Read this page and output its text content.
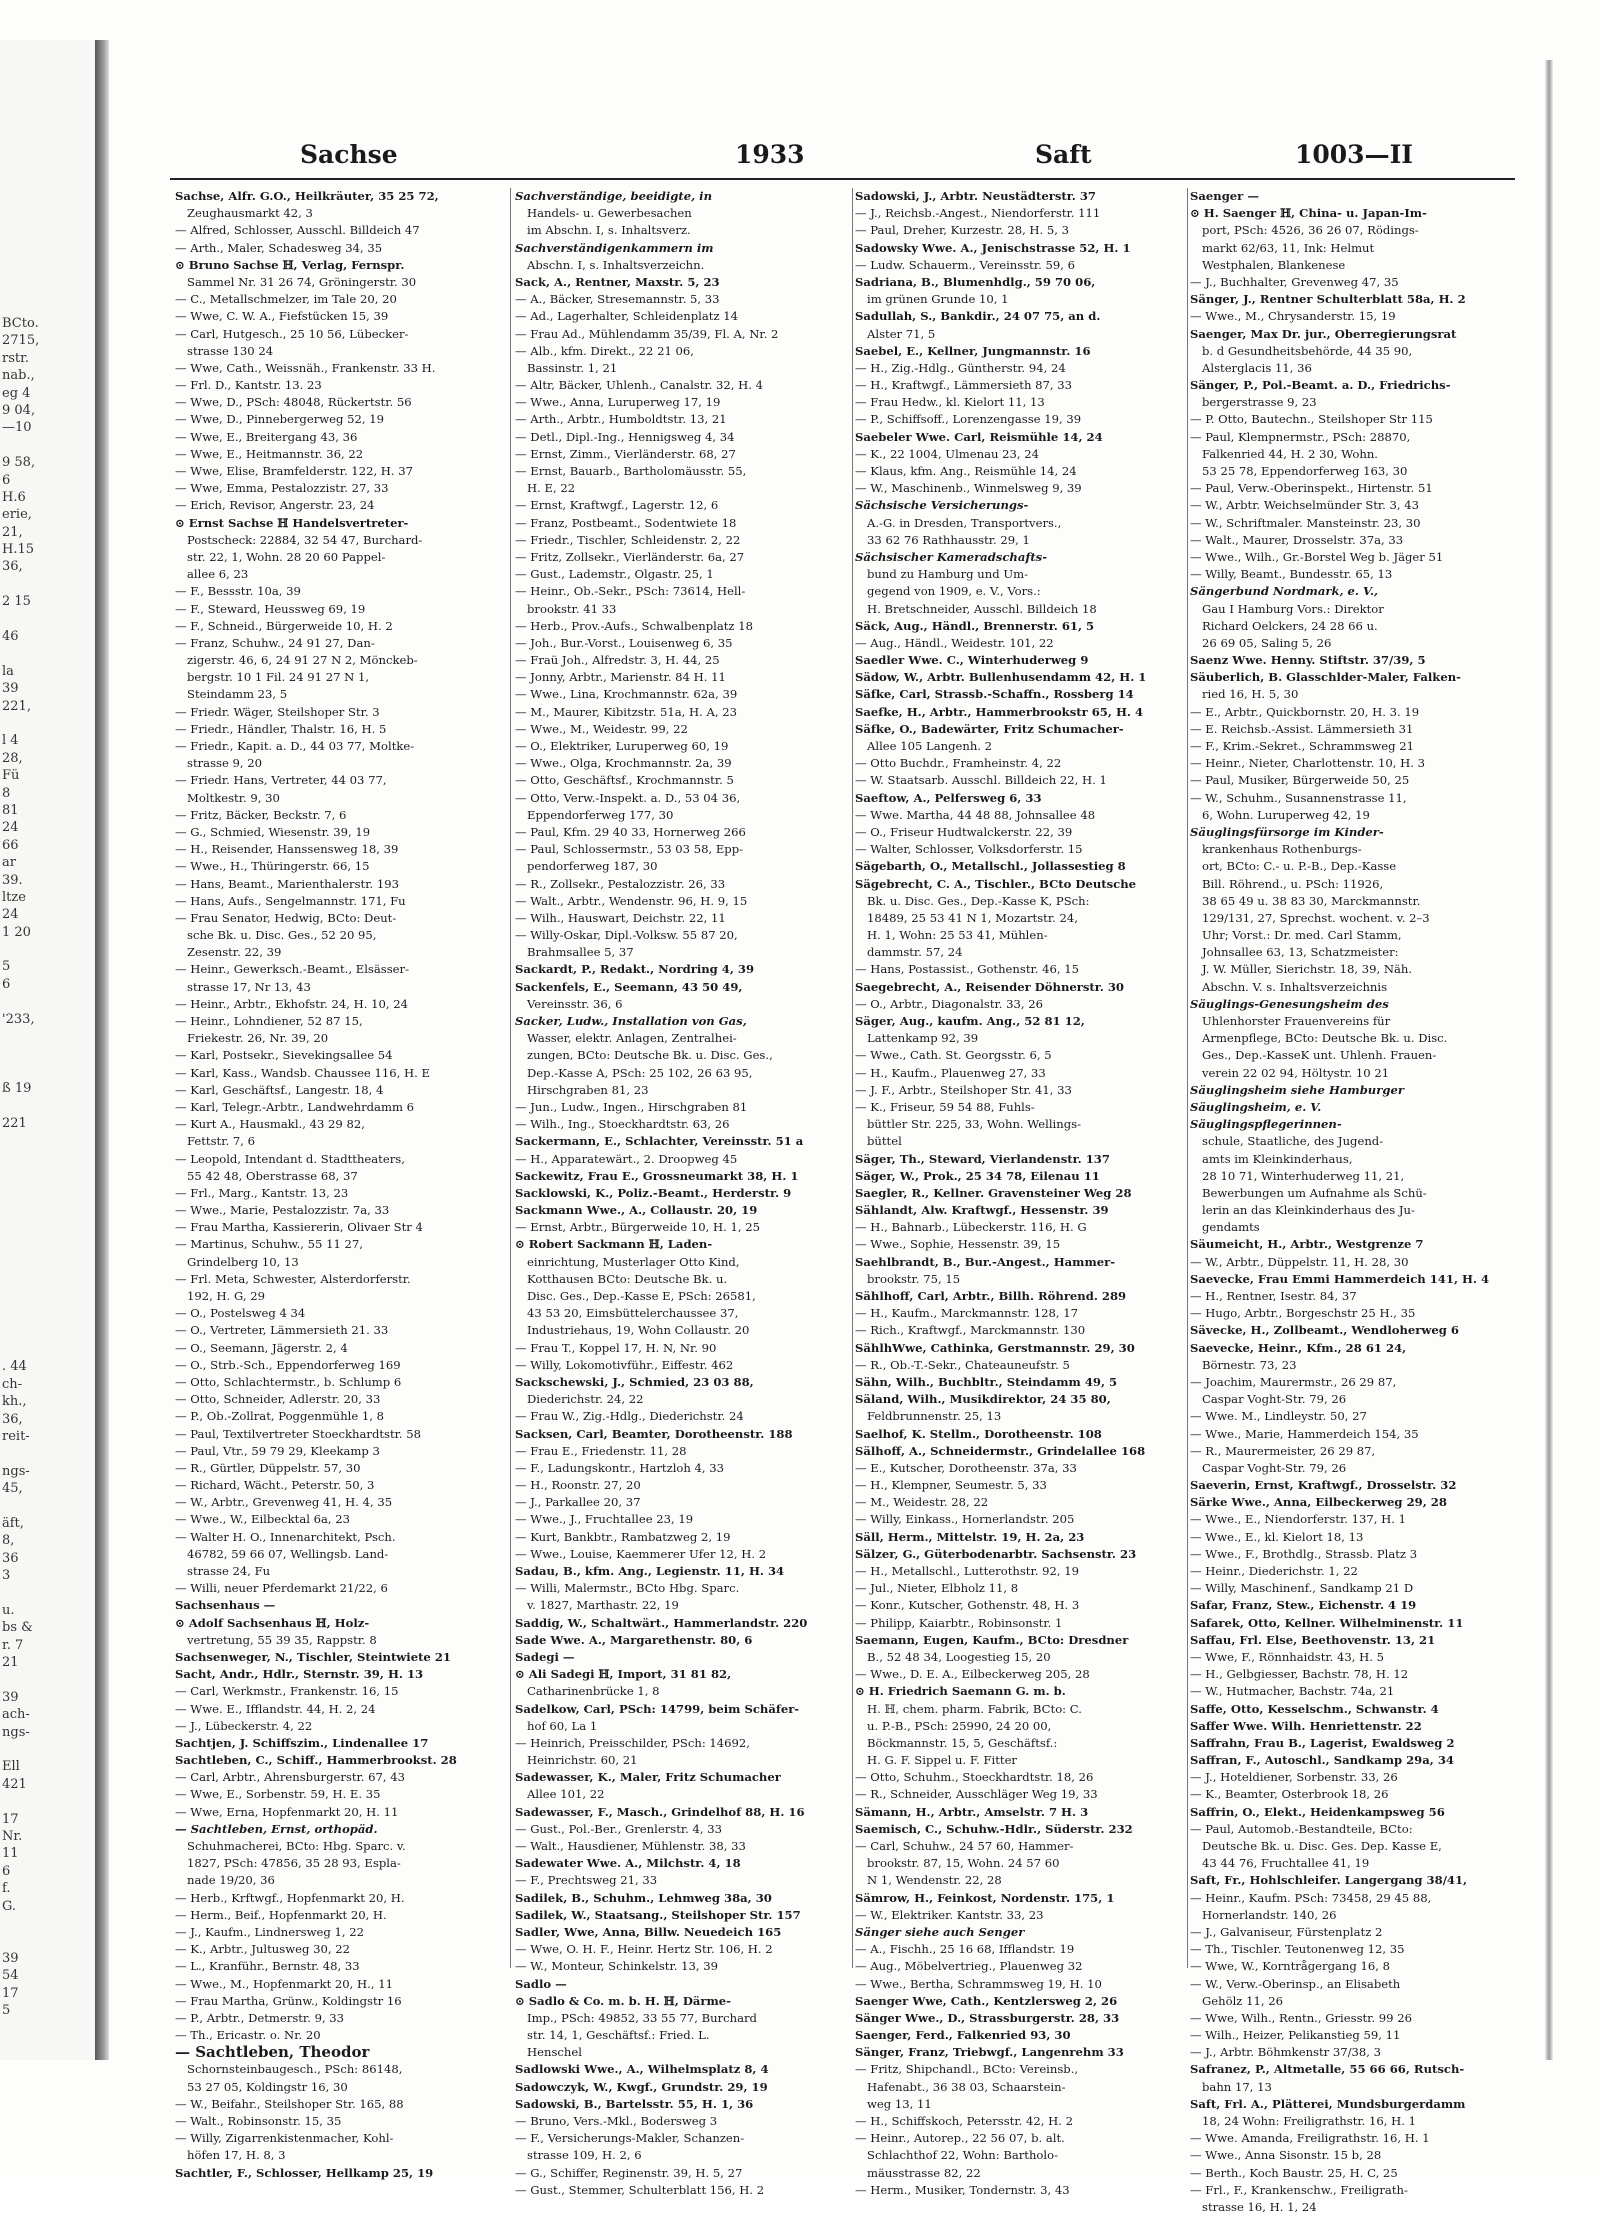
BCto.
2715,
rstr.
nab.,
eg 4
9 04,
—10
9 58,
6
H.6
erie,
21,
H.15
36,
2 15
46
la
39
221,
l 4
28,
Fü
8
81
24
66
ar
39.
ltze
24
1 20
5
6
'233,
ß 19
221
. 44
ch-
kh.,
36,
reit-
ngs-
45,
äft,
8,
36
3
u.
bs &
r. 7
21
39
ach-
ngs-
Ell
421
17
Nr.
11
6
f.
G.
39
54
17
5
Sachse	1933	Saft	1003—II
Sachse, Alfr. G.O., Heilkräuter, 35 25 72,
Zeughausmarkt 42, 3
— Alfred, Schlosser, Ausschl. Billdeich 47
— Arth., Maler, Schadesweg 34, 35
⊙ Bruno Sachse ℍ, Verlag, Fernspr.
Sammel Nr. 31 26 74, Gröningerstr. 30
— C., Metallschmelzer, im Tale 20, 20
— Wwe, C. W. A., Fiefstücken 15, 39
— Carl, Hutgesch., 25 10 56, Lübecker-
strasse 130 24
— Wwe, Cath., Weissnäh., Frankenstr. 33 H.
— Frl. D., Kantstr. 13. 23
— Wwe, D., PSch: 48048, Rückertstr. 56
— Wwe, D., Pinnebergerweg 52, 19
— Wwe, E., Breitergang 43, 36
— Wwe, E., Heitmannstr. 36, 22
— Wwe, Elise, Bramfelderstr. 122, H. 37
— Wwe, Emma, Pestalozzistr. 27, 33
— Erich, Revisor, Angerstr. 23, 24
⊙ Ernst Sachse ℍ Handelsvertreter-
Postscheck: 22884, 32 54 47, Burchard-
str. 22, 1, Wohn. 28 20 60 Pappel-
allee 6, 23
— F., Bessstr. 10a, 39
— F., Steward, Heussweg 69, 19
— F., Schneid., Bürgerweide 10, H. 2
— Franz, Schuhw., 24 91 27, Dan-
zigerstr. 46, 6, 24 91 27 N 2, Mönckeb-
bergstr. 10 1 Fil. 24 91 27 N 1,
Steindamm 23, 5
— Friedr. Wäger, Steilshoper Str. 3
— Friedr., Händler, Thalstr. 16, H. 5
— Friedr., Kapit. a. D., 44 03 77, Moltke-
strasse 9, 20
— Friedr. Hans, Vertreter, 44 03 77,
Moltkestr. 9, 30
— Fritz, Bäcker, Beckstr. 7, 6
— G., Schmied, Wiesenstr. 39, 19
— H., Reisender, Hanssensweg 18, 39
— Wwe., H., Thüringerstr. 66, 15
— Hans, Beamt., Marienthalerstr. 193
— Hans, Aufs., Sengelmannstr. 171, Fu
— Frau Senator, Hedwig, BCto: Deut-
sche Bk. u. Disc. Ges., 52 20 95,
Zesenstr. 22, 39
— Heinr., Gewerksch.-Beamt., Elsässer-
strasse 17, Nr 13, 43
— Heinr., Arbtr., Ekhofstr. 24, H. 10, 24
— Heinr., Lohndiener, 52 87 15,
Friekestr. 26, Nr. 39, 20
— Karl, Postsekr., Sievekingsallee 54
— Karl, Kass., Wandsb. Chaussee 116, H. E
— Karl, Geschäftsf., Langestr. 18, 4
— Karl, Telegr.-Arbtr., Landwehrdamm 6
— Kurt A., Hausmakl., 43 29 82,
Fettstr. 7, 6
— Leopold, Intendant d. Stadttheaters,
55 42 48, Oberstrasse 68, 37
— Frl., Marg., Kantstr. 13, 23
— Wwe., Marie, Pestalozzistr. 7a, 33
— Frau Martha, Kassiererin, Olivaer Str 4
— Martinus, Schuhw., 55 11 27,
Grindelberg 10, 13
— Frl. Meta, Schwester, Alsterdorferstr.
192, H. G, 29
— O., Postelsweg 4 34
— O., Vertreter, Lämmersieth 21. 33
— O., Seemann, Jägerstr. 2, 4
— O., Strb.-Sch., Eppendorferweg 169
— Otto, Schlachtermstr., b. Schlump 6
— Otto, Schneider, Adlerstr. 20, 33
— P., Ob.-Zollrat, Poggenmühle 1, 8
— Paul, Textilvertreter Stoeckhardtstr. 58
— Paul, Vtr., 59 79 29, Kleekamp 3
— R., Gürtler, Düppelstr. 57, 30
— Richard, Wächt., Peterstr. 50, 3
— W., Arbtr., Grevenweg 41, H. 4, 35
— Wwe., W., Eilbecktal 6a, 23
— Walter H. O., Innenarchitekt, Psch.
46782, 59 66 07, Wellingsb. Land-
strasse 24, Fu
— Willi, neuer Pferdemarkt 21/22, 6
Sachsenhaus —
⊙ Adolf Sachsenhaus ℍ, Holz-
vertretung, 55 39 35, Rappstr. 8
Sachsenweger, N., Tischler, Steintwiete 21
Sacht, Andr., Hdlr., Sternstr. 39, H. 13
— Carl, Werkmstr., Frankenstr. 16, 15
— Wwe. E., Ifflandstr. 44, H. 2, 24
— J., Lübeckerstr. 4, 22
Sachtjen, J. Schiffszim., Lindenallee 17
Sachtleben, C., Schiff., Hammerbrookst. 28
— Carl, Arbtr., Ahrensburgerstr. 67, 43
— Wwe, E., Sorbenstr. 59, H. E. 35
— Wwe, Erna, Hopfenmarkt 20, H. 11
— Sachtleben, Ernst, orthopäd.
Schuhmacherei, BCto: Hbg. Sparc. v.
1827, PSch: 47856, 35 28 93, Espla-
nade 19/20, 36
— Herb., Krftwgf., Hopfenmarkt 20, H.
— Herm., Beif., Hopfenmarkt 20, H.
— J., Kaufm., Lindnersweg 1, 22
— K., Arbtr., Jultusweg 30, 22
— L., Kranführ., Bernstr. 48, 33
— Wwe., M., Hopfenmarkt 20, H., 11
— Frau Martha, Grünw., Koldingstr 16
— P., Arbtr., Detmerstr. 9, 33
— Th., Ericastr. o. Nr. 20
— Sachtleben, Theodor
Schornsteinbaugesch., PSch: 86148,
53 27 05, Koldingstr 16, 30
— W., Beifahr., Steilshoper Str. 165, 88
— Walt., Robinsonstr. 15, 35
— Willy, Zigarrenkistenmacher, Kohl-
höfen 17, H. 8, 3
Sachtler, F., Schlosser, Hellkamp 25, 19
Sachverständige, beeidigte, in
Handels- u. Gewerbesachen
im Abschn. I, s. Inhaltsverz.
Sachverständigenkammern im
Abschn. I, s. Inhaltsverzeichn.
Sack, A., Rentner, Maxstr. 5, 23
— A., Bäcker, Stresemannstr. 5, 33
— Ad., Lagerhalter, Schleidenplatz 14
— Frau Ad., Mühlendamm 35/39, Fl. A, Nr. 2
— Alb., kfm. Direkt., 22 21 06,
Bassinstr. 1, 21
— Altr, Bäcker, Uhlenh., Canalstr. 32, H. 4
— Wwe., Anna, Luruperweg 17, 19
— Arth., Arbtr., Humboldtstr. 13, 21
— Detl., Dipl.-Ing., Hennigsweg 4, 34
— Ernst, Zimm., Vierländerstr. 68, 27
— Ernst, Bauarb., Bartholomäusstr. 55,
H. E, 22
— Ernst, Kraftwgf., Lagerstr. 12, 6
— Franz, Postbeamt., Sodentwiete 18
— Friedr., Tischler, Schleidenstr. 2, 22
— Fritz, Zollsekr., Vierländerstr. 6a, 27
— Gust., Lademstr., Olgastr. 25, 1
— Heinr., Ob.-Sekr., PSch: 73614, Hell-
brookstr. 41 33
— Herb., Prov.-Aufs., Schwalbenplatz 18
— Joh., Bur.-Vorst., Louisenweg 6, 35
— Fraü Joh., Alfredstr. 3, H. 44, 25
— Jonny, Arbtr., Marienstr. 84 H. 11
— Wwe., Lina, Krochmannstr. 62a, 39
— M., Maurer, Kibitzstr. 51a, H. A, 23
— Wwe., M., Weidestr. 99, 22
— O., Elektriker, Luruperweg 60, 19
— Wwe., Olga, Krochmannstr. 2a, 39
— Otto, Geschäftsf., Krochmannstr. 5
— Otto, Verw.-Inspekt. a. D., 53 04 36,
Eppendorferweg 177, 30
— Paul, Kfm. 29 40 33, Hornerweg 266
— Paul, Schlossermstr., 53 03 58, Epp-
pendorferweg 187, 30
— R., Zollsekr., Pestalozzistr. 26, 33
— Walt., Arbtr., Wendenstr. 96, H. 9, 15
— Wilh., Hauswart, Deichstr. 22, 11
— Willy-Oskar, Dipl.-Volksw. 55 87 20,
Brahmsallee 5, 37
Sackardt, P., Redakt., Nordring 4, 39
Sackenfels, E., Seemann, 43 50 49,
Vereinsstr. 36, 6
Sacker, Ludw., Installation von Gas,
Wasser, elektr. Anlagen, Zentralhei-
zungen, BCto: Deutsche Bk. u. Disc. Ges.,
Dep.-Kasse A, PSch: 25 102, 26 63 95,
Hirschgraben 81, 23
— Jun., Ludw., Ingen., Hirschgraben 81
— Wilh., Ing., Stoeckhardtstr. 63, 26
Sackermann, E., Schlachter, Vereinsstr. 51 a
— H., Apparatewärt., 2. Droopweg 45
Sackewitz, Frau E., Grossneumarkt 38, H. 1
Sacklowski, K., Poliz.-Beamt., Herderstr. 9
Sackmann Wwe., A., Collaustr. 20, 19
— Ernst, Arbtr., Bürgerweide 10, H. 1, 25
⊙ Robert Sackmann ℍ, Laden-
einrichtung, Musterlager Otto Kind,
Kotthausen BCto: Deutsche Bk. u.
Disc. Ges., Dep.-Kasse E, PSch: 26581,
43 53 20, Eimsbüttelerchaussee 37,
Industriehaus, 19, Wohn Collaustr. 20
— Frau T., Koppel 17, H. N, Nr. 90
— Willy, Lokomotivführ., Eiffestr. 462
Sackschewski, J., Schmied, 23 03 88,
Diederichstr. 24, 22
— Frau W., Zig.-Hdlg., Diederichstr. 24
Sacksen, Carl, Beamter, Dorotheenstr. 188
— Frau E., Friedenstr. 11, 28
— F., Ladungskontr., Hartzloh 4, 33
— H., Roonstr. 27, 20
— J., Parkallee 20, 37
— Wwe., J., Fruchtallee 23, 19
— Kurt, Bankbtr., Rambatzweg 2, 19
— Wwe., Louise, Kaemmerer Ufer 12, H. 2
Sadau, B., kfm. Ang., Legienstr. 11, H. 34
— Willi, Malermstr., BCto Hbg. Sparc.
v. 1827, Marthastr. 22, 19
Saddig, W., Schaltwärt., Hammerlandstr. 220
Sade Wwe. A., Margarethenstr. 80, 6
Sadegi —
⊙ Ali Sadegi ℍ, Import, 31 81 82,
Catharinenbrücke 1, 8
Sadelkow, Carl, PSch: 14799, beim Schäfer-
hof 60, La 1
— Heinrich, Preisschilder, PSch: 14692,
Heinrichstr. 60, 21
Sadewasser, K., Maler, Fritz Schumacher
Allee 101, 22
Sadewasser, F., Masch., Grindelhof 88, H. 16
— Gust., Pol.-Ber., Grenlerstr. 4, 33
— Walt., Hausdiener, Mühlenstr. 38, 33
Sadewater Wwe. A., Milchstr. 4, 18
— F., Prechtsweg 21, 33
Sadilek, B., Schuhm., Lehmweg 38a, 30
Sadilek, W., Staatsang., Steilshoper Str. 157
Sadler, Wwe, Anna, Billw. Neuedeich 165
— Wwe, O. H. F., Heinr. Hertz Str. 106, H. 2
— W., Monteur, Schinkelstr. 13, 39
Sadlo —
⊙ Sadlo & Co. m. b. H. ℍ, Därme-
Imp., PSch: 49852, 33 55 77, Burchard
str. 14, 1, Geschäftsf.: Fried. L.
Henschel
Sadlowski Wwe., A., Wilhelmsplatz 8, 4
Sadowczyk, W., Kwgf., Grundstr. 29, 19
Sadowski, B., Bartelsstr. 55, H. 1, 36
— Bruno, Vers.-Mkl., Bodersweg 3
— F., Versicherungs-Makler, Schanzen-
strasse 109, H. 2, 6
— G., Schiffer, Reginenstr. 39, H. 5, 27
— Gust., Stemmer, Schulterblatt 156, H. 2
Sadowski, J., Arbtr. Neustädterstr. 37
— J., Reichsb.-Angest., Niendorferstr. 111
— Paul, Dreher, Kurzestr. 28, H. 5, 3
Sadowsky Wwe. A., Jenischstrasse 52, H. 1
— Ludw. Schauerm., Vereinsstr. 59, 6
Sadriana, B., Blumenhdlg., 59 70 06,
im grünen Grunde 10, 1
Sadullah, S., Bankdir., 24 07 75, an d.
Alster 71, 5
Saebel, E., Kellner, Jungmannstr. 16
— H., Zig.-Hdlg., Güntherstr. 94, 24
— H., Kraftwgf., Lämmersieth 87, 33
— Frau Hedw., kl. Kielort 11, 13
— P., Schiffsoff., Lorenzengasse 19, 39
Saebeler Wwe. Carl, Reismühle 14, 24
— K., 22 1004, Ulmenau 23, 24
— Klaus, kfm. Ang., Reismühle 14, 24
— W., Maschinenb., Winmelsweg 9, 39
Sächsische Versicherungs-
A.-G. in Dresden, Transportvers.,
33 62 76 Rathhausstr. 29, 1
Sächsischer Kameradschafts-
bund zu Hamburg und Um-
gegend von 1909, e. V., Vors.:
H. Bretschneider, Ausschl. Billdeich 18
Säck, Aug., Händl., Brennerstr. 61, 5
— Aug., Händl., Weidestr. 101, 22
Saedler Wwe. C., Winterhuderweg 9
Sädow, W., Arbtr. Bullenhusendamm 42, H. 1
Säfke, Carl, Strassb.-Schaffn., Rossberg 14
Saefke, H., Arbtr., Hammerbrookstr 65, H. 4
Säfke, O., Badewärter, Fritz Schumacher-
Allee 105 Langenh. 2
— Otto Buchdr., Framheinstr. 4, 22
— W. Staatsarb. Ausschl. Billdeich 22, H. 1
Saeftow, A., Pelfersweg 6, 33
— Wwe. Martha, 44 48 88, Johnsallee 48
— O., Friseur Hudtwalckerstr. 22, 39
— Walter, Schlosser, Volksdorferstr. 15
Sägebarth, O., Metallschl., Jollassestieg 8
Sägebrecht, C. A., Tischler., BCto Deutsche
Bk. u. Disc. Ges., Dep.-Kasse K, PSch:
18489, 25 53 41 N 1, Mozartstr. 24,
H. 1, Wohn: 25 53 41, Mühlen-
dammstr. 57, 24
— Hans, Postassist., Gothenstr. 46, 15
Saegebrecht, A., Reisender Döhnerstr. 30
— O., Arbtr., Diagonalstr. 33, 26
Säger, Aug., kaufm. Ang., 52 81 12,
Lattenkamp 92, 39
— Wwe., Cath. St. Georgsstr. 6, 5
— H., Kaufm., Plauenweg 27, 33
— J. F., Arbtr., Steilshoper Str. 41, 33
— K., Friseur, 59 54 88, Fuhls-
büttler Str. 225, 33, Wohn. Wellings-
büttel
Säger, Th., Steward, Vierlandenstr. 137
Säger, W., Prok., 25 34 78, Eilenau 11
Saegler, R., Kellner. Gravensteiner Weg 28
Sählandt, Alw. Kraftwgf., Hessenstr. 39
— H., Bahnarb., Lübeckerstr. 116, H. G
— Wwe., Sophie, Hessenstr. 39, 15
Saehlbrandt, B., Bur.-Angest., Hammer-
brookstr. 75, 15
Sählhoff, Carl, Arbtr., Billh. Röhrend. 289
— H., Kaufm., Marckmannstr. 128, 17
— Rich., Kraftwgf., Marckmannstr. 130
SählhWwe, Cathinka, Gerstmannstr. 29, 30
— R., Ob.-T.-Sekr., Chateauneufstr. 5
Sähn, Wilh., Buchbltr., Steindamm 49, 5
Säland, Wilh., Musikdirektor, 24 35 80,
Feldbrunnenstr. 25, 13
Saelhof, K. Stellm., Dorotheenstr. 108
Sälhoff, A., Schneidermstr., Grindelallee 168
— E., Kutscher, Dorotheenstr. 37a, 33
— H., Klempner, Seumestr. 5, 33
— M., Weidestr. 28, 22
— Willy, Einkass., Hornerlandstr. 205
Säll, Herm., Mittelstr. 19, H. 2a, 23
Sälzer, G., Güterbodenarbtr. Sachsenstr. 23
— H., Metallschl., Lutterothstr. 92, 19
— Jul., Nieter, Elbholz 11, 8
— Konr., Kutscher, Gothenstr. 48, H. 3
— Philipp, Kaiarbtr., Robinsonstr. 1
Saemann, Eugen, Kaufm., BCto: Dresdner
B., 52 48 34, Loogestieg 15, 20
— Wwe., D. E. A., Eilbeckerweg 205, 28
⊙ H. Friedrich Saemann G. m. b.
H. ℍ, chem. pharm. Fabrik, BCto: C.
u. P.-B., PSch: 25990, 24 20 00,
Böckmannstr. 15, 5, Geschäftsf.:
H. G. F. Sippel u. F. Fitter
— Otto, Schuhm., Stoeckhardtstr. 18, 26
— R., Schneider, Ausschläger Weg 19, 33
Sämann, H., Arbtr., Amselstr. 7 H. 3
Saemisch, C., Schuhw.-Hdlr., Süderstr. 232
— Carl, Schuhw., 24 57 60, Hammer-
brookstr. 87, 15, Wohn. 24 57 60
N 1, Wendenstr. 22, 28
Sämrow, H., Feinkost, Nordenstr. 175, 1
— W., Elektriker. Kantstr. 33, 23
Sänger siehe auch Senger
— A., Fischh., 25 16 68, Ifflandstr. 19
— Aug., Möbelvertrieg., Plauenweg 32
— Wwe., Bertha, Schrammsweg 19, H. 10
Saenger Wwe, Cath., Kentzlersweg 2, 26
Sänger Wwe., D., Strassburgerstr. 28, 33
Saenger, Ferd., Falkenried 93, 30
Sänger, Franz, Triebwgf., Langenrehm 33
— Fritz, Shipchandl., BCto: Vereinsb.,
Hafenabt., 36 38 03, Schaarstein-
weg 13, 11
— H., Schiffskoch, Petersstr. 42, H. 2
— Heinr., Autorep., 22 56 07, b. alt.
Schlachthof 22, Wohn: Bartholo-
mäusstrasse 82, 22
— Herm., Musiker, Tondernstr. 3, 43
Saenger —
⊙ H. Saenger ℍ, China- u. Japan-Im-
port, PSch: 4526, 36 26 07, Rödings-
markt 62/63, 11, Ink: Helmut
Westphalen, Blankenese
— J., Buchhalter, Grevenweg 47, 35
Sänger, J., Rentner Schulterblatt 58a, H. 2
— Wwe., M., Chrysanderstr. 15, 19
Saenger, Max Dr. jur., Oberregierungsrat
b. d Gesundheitsbehörde, 44 35 90,
Alsterglacis 11, 36
Sänger, P., Pol.-Beamt. a. D., Friedrichs-
bergerstrasse 9, 23
— P. Otto, Bautechn., Steilshoper Str 115
— Paul, Klempnermstr., PSch: 28870,
Falkenried 44, H. 2 30, Wohn.
53 25 78, Eppendorferweg 163, 30
— Paul, Verw.-Oberinspekt., Hirtenstr. 51
— W., Arbtr. Weichselmünder Str. 3, 43
— W., Schriftmaler. Mansteinstr. 23, 30
— Walt., Maurer, Drosselstr. 37a, 33
— Wwe., Wilh., Gr.-Borstel Weg b. Jäger 51
— Willy, Beamt., Bundesstr. 65, 13
Sängerbund Nordmark, e. V.,
Gau I Hamburg Vors.: Direktor
Richard Oelckers, 24 28 66 u.
26 69 05, Saling 5, 26
Saenz Wwe. Henny. Stiftstr. 37/39, 5
Säuberlich, B. Glasschlder-Maler, Falken-
ried 16, H. 5, 30
— E., Arbtr., Quickbornstr. 20, H. 3. 19
— E. Reichsb.-Assist. Lämmersieth 31
— F., Krim.-Sekret., Schrammsweg 21
— Heinr., Nieter, Charlottenstr. 10, H. 3
— Paul, Musiker, Bürgerweide 50, 25
— W., Schuhm., Susannenstrasse 11,
6, Wohn. Luruperweg 42, 19
Säuglingsfürsorge im Kinder-
krankenhaus Rothenburgs-
ort, BCto: C.- u. P.-B., Dep.-Kasse
Bill. Röhrend., u. PSch: 11926,
38 65 49 u. 38 83 30, Marckmannstr.
129/131, 27, Sprechst. wochent. v. 2–3
Uhr; Vorst.: Dr. med. Carl Stamm,
Johnsallee 63, 13, Schatzmeister:
J. W. Müller, Sierichstr. 18, 39, Näh.
Abschn. V. s. Inhaltsverzeichnis
Säuglings-Genesungsheim des
Uhlenhorster Frauenvereins für
Armenpflege, BCto: Deutsche Bk. u. Disc.
Ges., Dep.-KasseK unt. Uhlenh. Frauen-
verein 22 02 94, Höltystr. 10 21
Säuglingsheim siehe Hamburger
Säuglingsheim, e. V.
Säuglingspflegerinnen-
schule, Staatliche, des Jugend-
amts im Kleinkinderhaus,
28 10 71, Winterhuderweg 11, 21,
Bewerbungen um Aufnahme als Schü-
lerin an das Kleinkinderhaus des Ju-
gendamts
Säumeicht, H., Arbtr., Westgrenze 7
— W., Arbtr., Düppelstr. 11, H. 28, 30
Saevecke, Frau Emmi Hammerdeich 141, H. 4
— H., Rentner, Isestr. 84, 37
— Hugo, Arbtr., Borgeschstr 25 H., 35
Sävecke, H., Zollbeamt., Wendloherweg 6
Saevecke, Heinr., Kfm., 28 61 24,
Börnestr. 73, 23
— Joachim, Maurermstr., 26 29 87,
Caspar Voght-Str. 79, 26
— Wwe. M., Lindleystr. 50, 27
— Wwe., Marie, Hammerdeich 154, 35
— R., Maurermeister, 26 29 87,
Caspar Voght-Str. 79, 26
Saeverin, Ernst, Kraftwgf., Drosselstr. 32
Särke Wwe., Anna, Eilbeckerweg 29, 28
— Wwe., E., Niendorferstr. 137, H. 1
— Wwe., E., kl. Kielort 18, 13
— Wwe., F., Brothdlg., Strassb. Platz 3
— Heinr., Diederichstr. 1, 22
— Willy, Maschinenf., Sandkamp 21 D
Safar, Franz, Stew., Eichenstr. 4 19
Safarek, Otto, Kellner. Wilhelminenstr. 11
Saffau, Frl. Else, Beethovenstr. 13, 21
— Wwe, F., Rönnhaidstr. 43, H. 5
— H., Gelbgiesser, Bachstr. 78, H. 12
— W., Hutmacher, Bachstr. 74a, 21
Saffe, Otto, Kesselschm., Schwanstr. 4
Saffer Wwe. Wilh. Henriettenstr. 22
Saffrahn, Frau B., Lagerist, Ewaldsweg 2
Saffran, F., Autoschl., Sandkamp 29a, 34
— J., Hoteldiener, Sorbenstr. 33, 26
— K., Beamter, Osterbrook 18, 26
Saffrin, O., Elekt., Heidenkampsweg 56
— Paul, Automob.-Bestandteile, BCto:
Deutsche Bk. u. Disc. Ges. Dep. Kasse E,
43 44 76, Fruchtallee 41, 19
Saft, Fr., Hohlschleifer. Langergang 38/41,
— Heinr., Kaufm. PSch: 73458, 29 45 88,
Hornerlandstr. 140, 26
— J., Galvaniseur, Fürstenplatz 2
— Th., Tischler. Teutonenweg 12, 35
— Wwe, W., Korntrågergang 16, 8
— W., Verw.-Oberinsp., an Elisabeth
Gehölz 11, 26
— Wwe, Wilh., Rentn., Griesstr. 99 26
— Wilh., Heizer, Pelikanstieg 59, 11
— J., Arbtr. Böhmkenstr 37/38, 3
Safranez, P., Altmetalle, 55 66 66, Rutsch-
bahn 17, 13
Saft, Frl. A., Plätterei, Mundsburgerdamm
18, 24 Wohn: Freiligrathstr. 16, H. 1
— Wwe. Amanda, Freiligrathstr. 16, H. 1
— Wwe., Anna Sisonstr. 15 b, 28
— Berth., Koch Baustr. 25, H. C, 25
— Frl., F., Krankenschw., Freiligrath-
strasse 16, H. 1, 24
